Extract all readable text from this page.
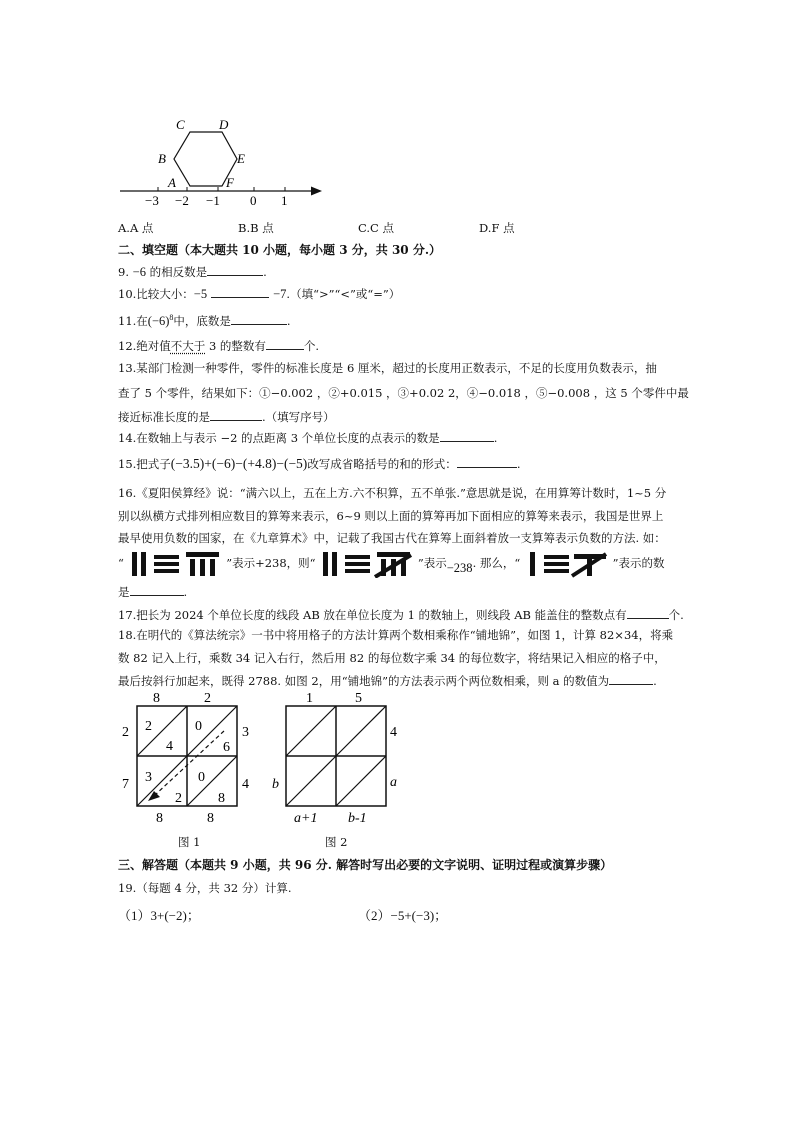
C	D
B	E
A	F
−3 −2 −1 0 1
A.A 点	B.B 点	C.C 点	D.F 点
二、填空题（本大题共 10 小题，每小题 3 分，共 30 分.）
9. −6 的相反数是	.
10.比较大小：−5	−7.（填“>”“<”或“=”）
11.在$(-6)^8$中，底数是	.
12.绝对值不大于 3 的整数有	个.
13.某部门检测一种零件，零件的标准长度是 6 厘米，超过的长度用正数表示，不足的长度用负数表示，抽
查了 5 个零件，结果如下：①−0.002 ，②+0.015 ，③+0.02 2，④−0.018 ，⑤−0.008 ，这 5 个零件中最
接近标准长度的是	.（填写序号）
14.在数轴上与表示 −2 的点距离 3 个单位长度的点表示的数是	.
15.把式子(−3.5)+(−6)−(+4.8)−(−5)改写成省略括号的和的形式：	.
16.《夏阳侯算经》说：“满六以上，五在上方.六不积算，五不单张.”意思就是说，在用算筹计数时，1~5 分
别以纵横方式排列相应数目的算筹来表示，6~9 则以上面的算筹再加下面相应的算筹来表示，我国是世界上
最早使用负数的国家，在《九章算术》中，记载了我国古代在算筹上面斜着放一支算筹表示负数的方法. 如：
“	”表示+238，则“	”表示−238. 那么，“	”表示的数
是	.
17.把长为 2024 个单位长度的线段 AB 放在单位长度为 1 的数轴上，则线段 AB 能盖住的整数点有	个.
18.在明代的《算法统宗》一书中将用格子的方法计算两个数相乘称作“铺地锦”，如图 1，计算 82×34，将乘
数 82 记入上行，乘数 34 记入右行，然后用 82 的每位数字乘 34 的每位数字，将结果记入相应的格子中，
最后按斜行加起来，既得 2788. 如图 2，用“铺地锦”的方法表示两个两位数相乘，则 a 的数值为	.
8	2
3
4
2
7
8	8
2
4
0
6
3
2
0
8
图 1
1	5
4
a
b
a+1 b-1
图 2
三、解答题（本题共 9 小题，共 96 分. 解答时写出必要的文字说明、证明过程或演算步骤）
19.（每题 4 分，共 32 分）计算.
（1）3+(−2)；	（2）−5+(−3)；
